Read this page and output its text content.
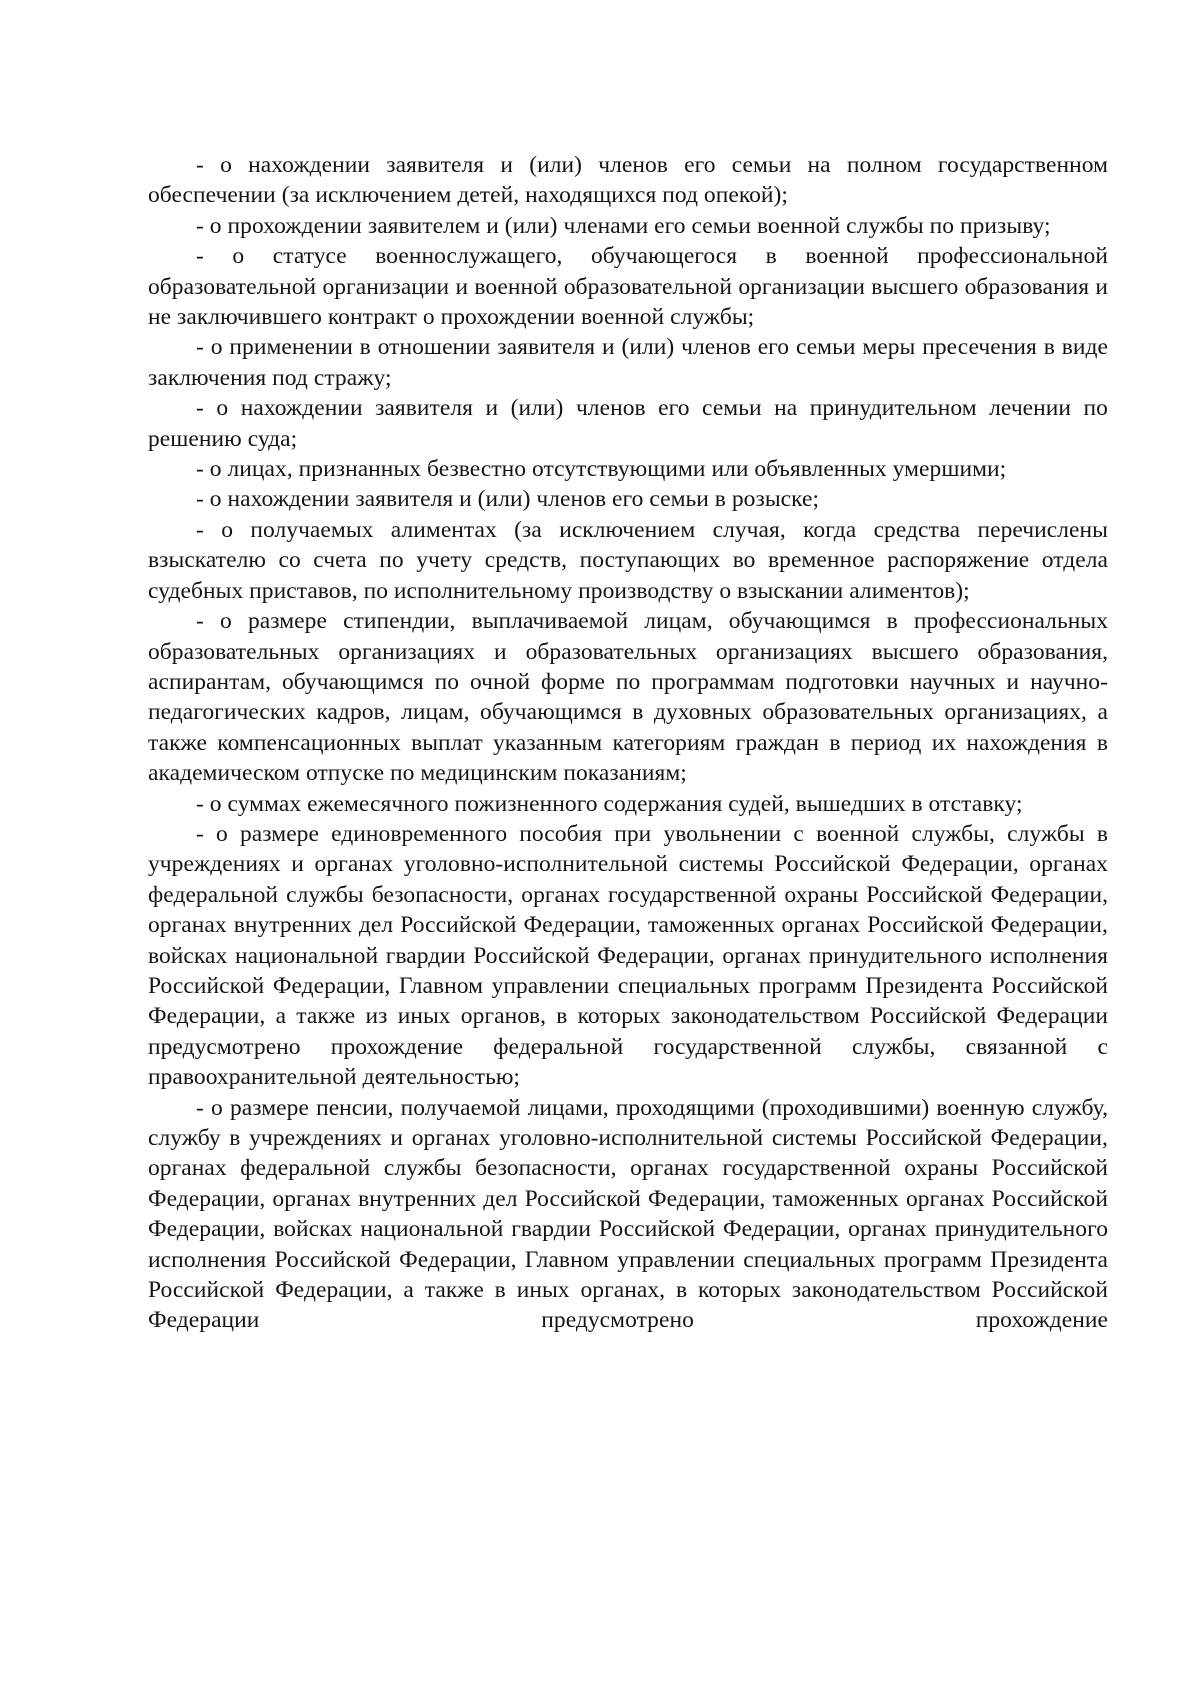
- о нахождении заявителя и (или) членов его семьи на полном государственном обеспечении (за исключением детей, находящихся под опекой);

- о прохождении заявителем и (или) членами его семьи военной службы по призыву;

- о статусе военнослужащего, обучающегося в военной профессиональной образовательной организации и военной образовательной организации высшего образования и не заключившего контракт о прохождении военной службы;

- о применении в отношении заявителя и (или) членов его семьи меры пресечения в виде заключения под стражу;

- о нахождении заявителя и (или) членов его семьи на принудительном лечении по решению суда;

- о лицах, признанных безвестно отсутствующими или объявленных умершими;

- о нахождении заявителя и (или) членов его семьи в розыске;

- о получаемых алиментах (за исключением случая, когда средства перечислены взыскателю со счета по учету средств, поступающих во временное распоряжение отдела судебных приставов, по исполнительному производству о взыскании алиментов);

- о размере стипендии, выплачиваемой лицам, обучающимся в профессиональных образовательных организациях и образовательных организациях высшего образования, аспирантам, обучающимся по очной форме по программам подготовки научных и научно-педагогических кадров, лицам, обучающимся в духовных образовательных организациях, а также компенсационных выплат указанным категориям граждан в период их нахождения в академическом отпуске по медицинским показаниям;

- о суммах ежемесячного пожизненного содержания судей, вышедших в отставку;

- о размере единовременного пособия при увольнении с военной службы, службы в учреждениях и органах уголовно-исполнительной системы Российской Федерации, органах федеральной службы безопасности, органах государственной охраны Российской Федерации, органах внутренних дел Российской Федерации, таможенных органах Российской Федерации, войсках национальной гвардии Российской Федерации, органах принудительного исполнения Российской Федерации, Главном управлении специальных программ Президента Российской Федерации, а также из иных органов, в которых законодательством Российской Федерации предусмотрено прохождение федеральной государственной службы, связанной с правоохранительной деятельностью;

- о размере пенсии, получаемой лицами, проходящими (проходившими) военную службу, службу в учреждениях и органах уголовно-исполнительной системы Российской Федерации, органах федеральной службы безопасности, органах государственной охраны Российской Федерации, органах внутренних дел Российской Федерации, таможенных органах Российской Федерации, войсках национальной гвардии Российской Федерации, органах принудительного исполнения Российской Федерации, Главном управлении специальных программ Президента Российской Федерации, а также в иных органах, в которых законодательством Российской Федерации предусмотрено прохождение
